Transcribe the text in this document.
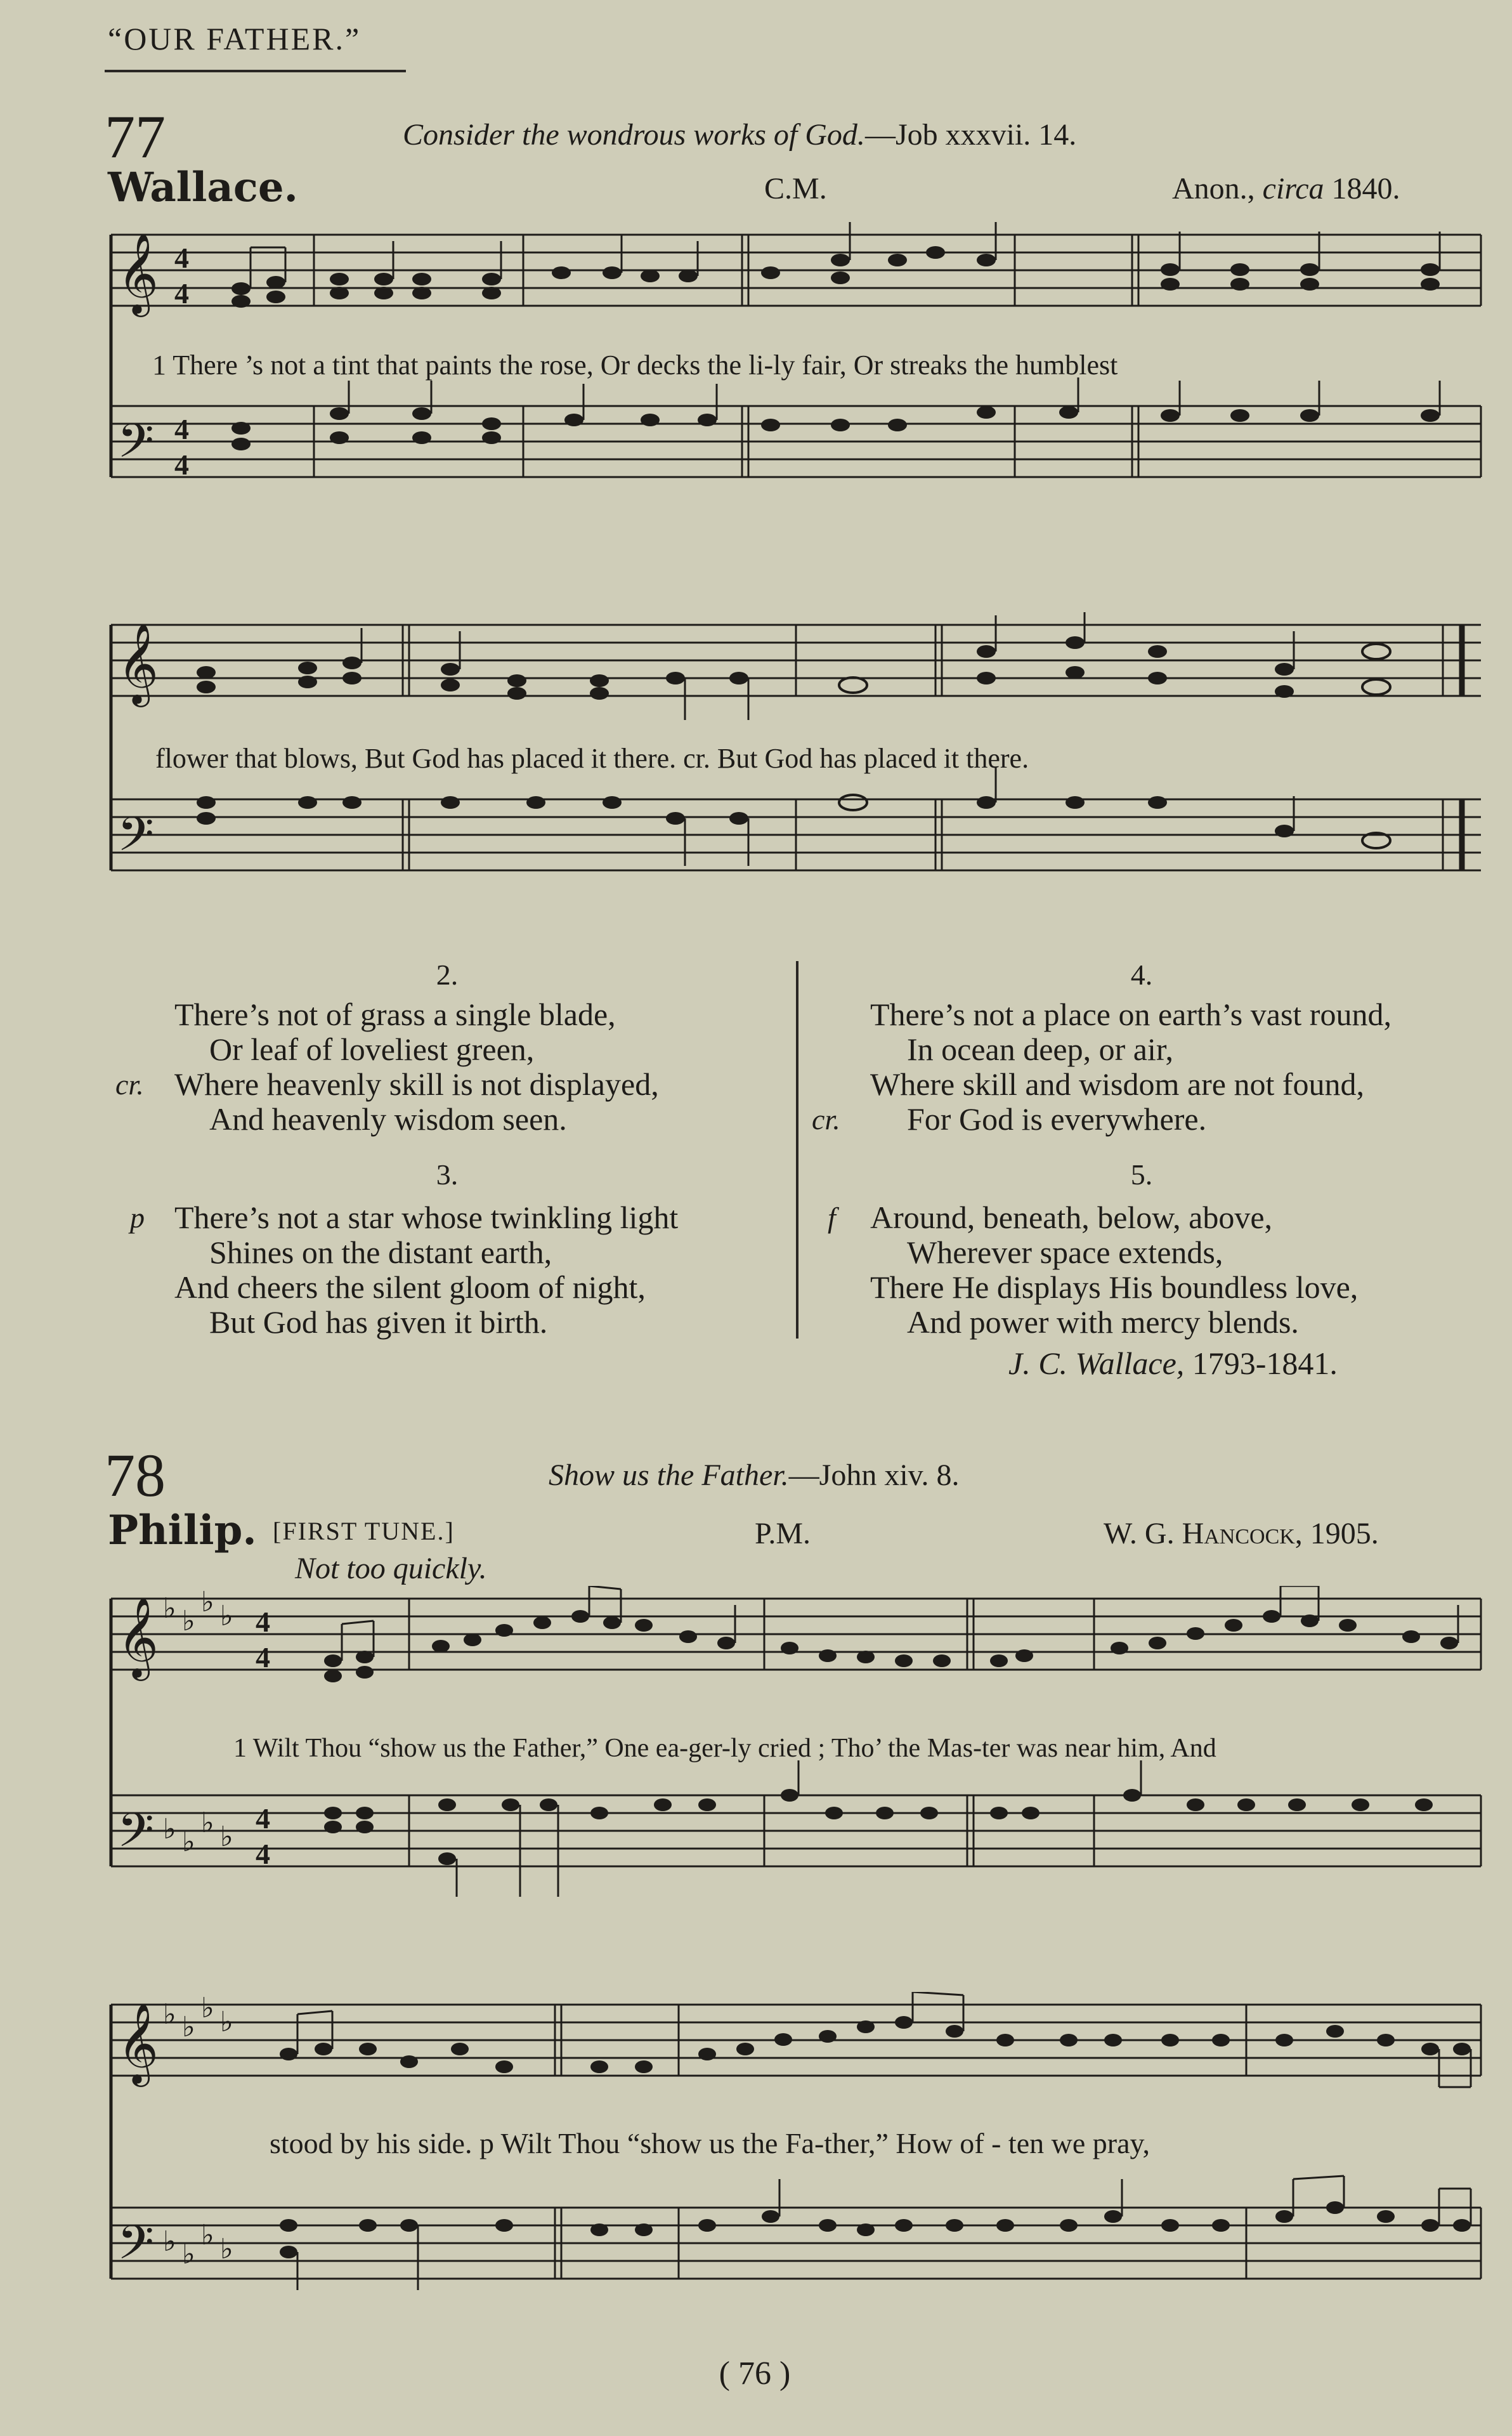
“OUR FATHER.”
77	Consider the wondrous works of God.—Job xxxvii. 14.
Wallace.	C.M.	Anon., circa 1840.
𝄞
𝄢
4
4
4
4
1 There ’s not a tint that paints the rose, Or decks the li-ly fair, Or streaks the humblest
𝄞
𝄢
flower that blows, But God has placed it there. cr. But God has placed it there.
2.
There’s not of grass a single blade,
Or leaf of loveliest green,
cr. Where heavenly skill is not displayed,
And heavenly wisdom seen.
3.
p There’s not a star whose twinkling light
Shines on the distant earth,
And cheers the silent gloom of night,
But God has given it birth.
4.
There’s not a place on earth’s vast round,
In ocean deep, or air,
Where skill and wisdom are not found,
cr. For God is everywhere.
5.
f Around, beneath, below, above,
Wherever space extends,
There He displays His boundless love,
And power with mercy blends.
J. C. Wallace, 1793-1841.
78	Show us the Father.—John xiv. 8.
Philip. [FIRST TUNE.]	P.M.	W. G. Hancock, 1905.
Not too quickly.
𝄞
𝄢
♭ ♭
♭ ♭
♭ ♭
♭ ♭
4
4
4
4
1 Wilt Thou “show us the Father,” One ea-ger-ly cried ; Tho’ the Mas-ter was near him, And
𝄞
𝄢
♭ ♭
♭ ♭
♭ ♭
♭ ♭
stood by his side. p Wilt Thou “show us the Fa-ther,” How of - ten we pray,
( 76 )
